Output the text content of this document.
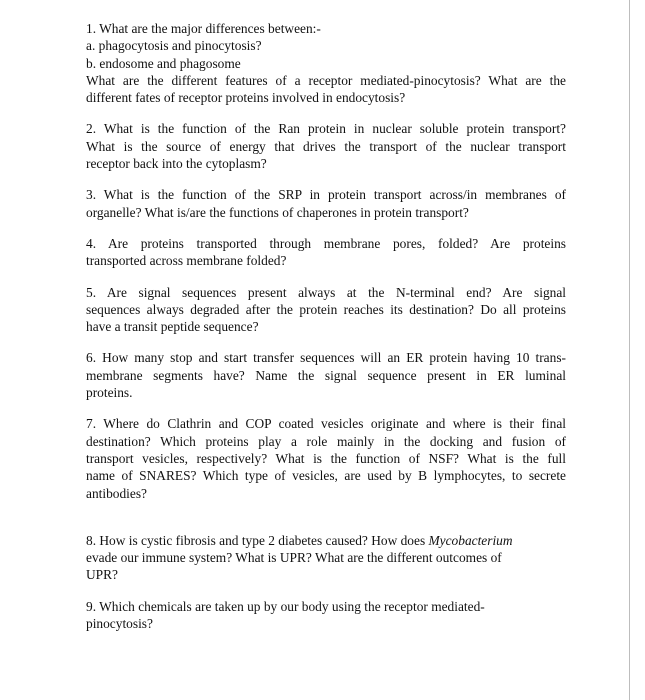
1. What are the major differences between:-
a. phagocytosis and pinocytosis?
b. endosome and phagosome
What are the different features of a receptor mediated-pinocytosis? What are the
different fates of receptor proteins involved in endocytosis?
2. What is the function of the Ran protein in nuclear soluble protein transport?
What is the source of energy that drives the transport of the nuclear transport
receptor back into the cytoplasm?
3. What is the function of the SRP in protein transport across/in membranes of
organelle? What is/are the functions of chaperones in protein transport?
4. Are proteins transported through membrane pores, folded? Are proteins
transported across membrane folded?
5. Are signal sequences present always at the N-terminal end? Are signal
sequences always degraded after the protein reaches its destination? Do all proteins
have a transit peptide sequence?
6. How many stop and start transfer sequences will an ER protein having 10 trans-
membrane segments have? Name the signal sequence present in ER luminal
proteins.
7. Where do Clathrin and COP coated vesicles originate and where is their final
destination? Which proteins play a role mainly in the docking and fusion of
transport vesicles, respectively? What is the function of NSF? What is the full
name of SNARES? Which type of vesicles, are used by B lymphocytes, to secrete
antibodies?
8. How is cystic fibrosis and type 2 diabetes caused? How does Mycobacterium
evade our immune system? What is UPR? What are the different outcomes of
UPR?
9. Which chemicals are taken up by our body using the receptor mediated-
pinocytosis?
